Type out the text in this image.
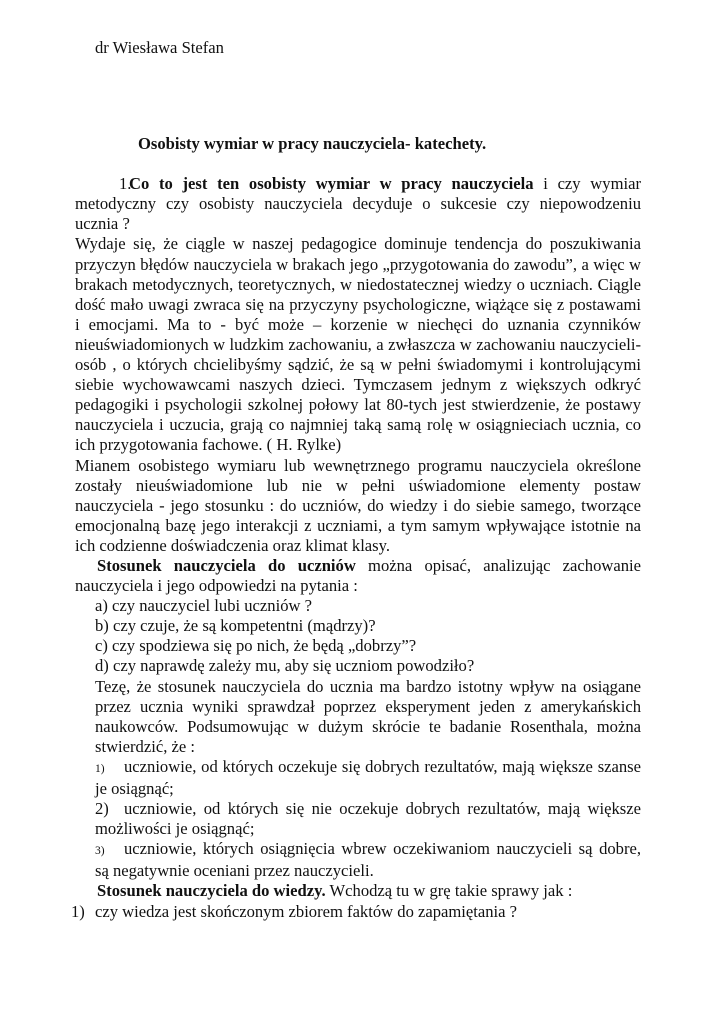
dr Wiesława Stefan
Osobisty wymiar w pracy nauczyciela- katechety.

1.Co to jest ten osobisty wymiar w pracy nauczyciela i czy wymiar metodyczny czy osobisty nauczyciela decyduje o sukcesie czy niepowodzeniu ucznia ?

Wydaje się, że ciągle w naszej pedagogice dominuje tendencja do poszukiwania przyczyn błędów nauczyciela w brakach jego „przygotowania do zawodu”, a więc w brakach metodycznych, teoretycznych, w niedostatecznej wiedzy o uczniach. Ciągle dość mało uwagi zwraca się na przyczyny psychologiczne, wiążące się z postawami i emocjami. Ma to - być może – korzenie w niechęci do uznania czynników nieuświadomionych w ludzkim zachowaniu, a zwłaszcza w zachowaniu nauczycieli- osób , o których chcielibyśmy sądzić, że są w pełni świadomymi i kontrolującymi siebie wychowawcami naszych dzieci. Tymczasem jednym z większych odkryć pedagogiki i psychologii szkolnej połowy lat 80-tych jest stwierdzenie, że postawy nauczyciela i uczucia, grają co najmniej taką samą rolę w osiągnieciach ucznia, co ich przygotowania fachowe. ( H. Rylke)

Mianem osobistego wymiaru lub wewnętrznego programu nauczyciela określone zostały nieuświadomione lub nie w pełni uświadomione elementy postaw nauczyciela - jego stosunku : do uczniów, do wiedzy i do siebie samego, tworzące emocjonalną bazę jego interakcji z uczniami, a tym samym wpływające istotnie na ich codzienne doświadczenia oraz klimat klasy.

Stosunek nauczyciela do uczniów można opisać, analizując zachowanie nauczyciela i jego odpowiedzi na pytania :

a) czy nauczyciel lubi uczniów ?
b) czy czuje, że są kompetentni (mądrzy)?
c) czy spodziewa się po nich, że będą „dobrzy”?
d) czy naprawdę zależy mu, aby się uczniom powodziło?

Tezę, że stosunek nauczyciela do ucznia ma bardzo istotny wpływ na osiągane przez ucznia wyniki sprawdzał poprzez eksperyment jeden z amerykańskich naukowców. Podsumowując w dużym skrócie te badanie Rosenthala, można stwierdzić, że :

1) uczniowie, od których oczekuje się dobrych rezultatów, mają większe szanse je osiągnąć;

2) uczniowie, od których się nie oczekuje dobrych rezultatów, mają większe możliwości je osiągnąć;

3) uczniowie, których osiągnięcia wbrew oczekiwaniom nauczycieli są dobre, są negatywnie oceniani przez nauczycieli.

Stosunek nauczyciela do wiedzy. Wchodzą tu w grę takie sprawy jak :

1) czy wiedza jest skończonym zbiorem faktów do zapamiętania ?
